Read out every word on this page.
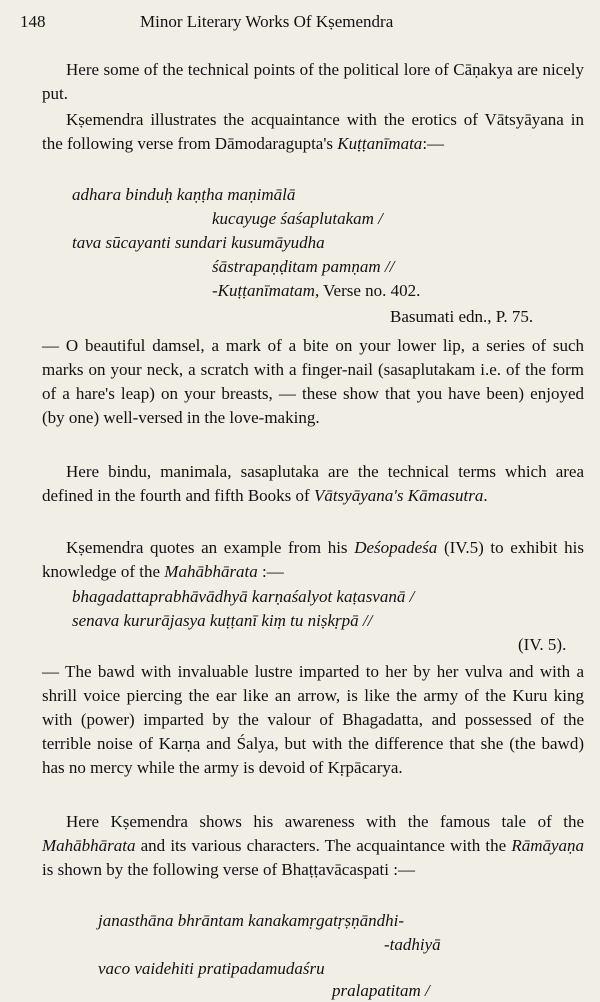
148	Minor Literary Works Of Kṣemendra
Here some of the technical points of the political lore of Cāṇakya are nicely put.
Kṣemendra illustrates the acquaintance with the erotics of Vātsyāyana in the following verse from Dāmodaragupta's Kuṭṭanīmata:—
adhara binduḥ kaṇṭha maṇimālā
kucayuge śaśaplutakam /
tava sūcayanti sundari kusumāyudha
śāstrapaṇḍitam pamṇam //
-Kuṭṭanīmatam, Verse no. 402.
Basumati edn., P. 75.
— O beautiful damsel, a mark of a bite on your lower lip, a series of such marks on your neck, a scratch with a finger-nail (sasaplutakam i.e. of the form of a hare's leap) on your breasts, — these show that you have been) enjoyed (by one) well-versed in the love-making.
Here bindu, manimala, sasaplutaka are the technical terms which area defined in the fourth and fifth Books of Vātsyāyana's Kāmasutra.
Kṣemendra quotes an example from his Deśopadeśa (IV.5) to exhibit his knowledge of the Mahābhārata :—
bhagadattaprabhāvādhyā karṇaśalyot kaṭasvanā /
senava kururājasya kuṭṭanī kiṃ tu niṣkṛpā //
(IV. 5).
— The bawd with invaluable lustre imparted to her by her vulva and with a shrill voice piercing the ear like an arrow, is like the army of the Kuru king with (power) imparted by the valour of Bhagadatta, and possessed of the terrible noise of Karṇa and Śalya, but with the difference that she (the bawd) has no mercy while the army is devoid of Kṛpācarya.
Here Kṣemendra shows his awareness with the famous tale of the Mahābhārata and its various characters. The acquaintance with the Rāmāyaṇa is shown by the following verse of Bhaṭṭavācaspati :—
janasthāna bhrāntam kanakamṛgatṛṣṇāndhi-
-tadhiyā
vaco vaidehiti pratipadamudaśru
pralapatitam /
